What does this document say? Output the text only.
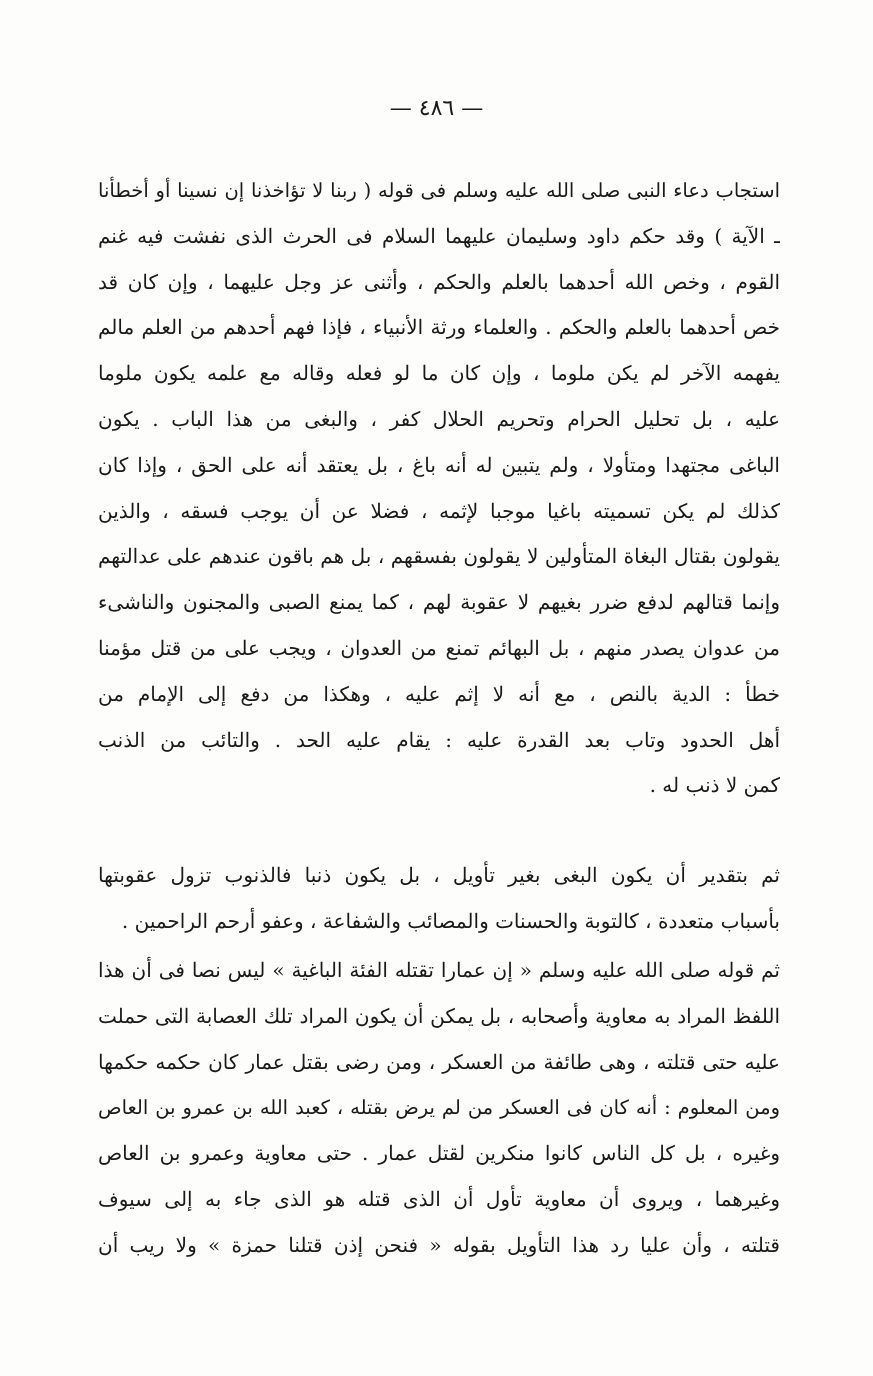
— ٤٨٦ —
استجاب دعاء النبى صلى الله عليه وسلم فى قوله ( ربنا لا تؤاخذنا إن نسينا أو أخطأنا
ـ الآية ) وقد حكم داود وسليمان عليهما السلام فى الحرث الذى نفشت فيه غنم
القوم ، وخص الله أحدهما بالعلم والحكم ، وأثنى عز وجل عليهما ، وإن كان قد
خص أحدهما بالعلم والحكم . والعلماء ورثة الأنبياء ، فإذا فهم أحدهم من العلم مالم
يفهمه الآخر لم يكن ملوما ، وإن كان ما لو فعله وقاله مع علمه يكون ملوما
عليه ، بل تحليل الحرام وتحريم الحلال كفر ، والبغى من هذا الباب . يكون
الباغى مجتهدا ومتأولا ، ولم يتبين له أنه باغ ، بل يعتقد أنه على الحق ، وإذا كان
كذلك لم يكن تسميته باغيا موجبا لإثمه ، فضلا عن أن يوجب فسقه ، والذين
يقولون بقتال البغاة المتأولين لا يقولون بفسقهم ، بل هم باقون عندهم على عدالتهم
وإنما قتالهم لدفع ضرر بغيهم لا عقوبة لهم ، كما يمنع الصبى والمجنون والناشىء
من عدوان يصدر منهم ، بل البهائم تمنع من العدوان ، ويجب على من قتل مؤمنا
خطأ : الدية بالنص ، مع أنه لا إثم عليه ، وهكذا من دفع إلى الإمام من
أهل الحدود وتاب بعد القدرة عليه : يقام عليه الحد . والتائب من الذنب
كمن لا ذنب له .
ثم بتقدير أن يكون البغى بغير تأويل ، بل يكون ذنبا فالذنوب تزول عقوبتها
بأسباب متعددة ، كالتوبة والحسنات والمصائب والشفاعة ، وعفو أرحم الراحمين .
ثم قوله صلى الله عليه وسلم « إن عمارا تقتله الفئة الباغية » ليس نصا فى أن هذا
اللفظ المراد به معاوية وأصحابه ، بل يمكن أن يكون المراد تلك العصابة التى حملت
عليه حتى قتلته ، وهى طائفة من العسكر ، ومن رضى بقتل عمار كان حكمه حكمها
ومن المعلوم : أنه كان فى العسكر من لم يرض بقتله ، كعبد الله بن عمرو بن العاص
وغيره ، بل كل الناس كانوا منكرين لقتل عمار . حتى معاوية وعمرو بن العاص
وغيرهما ، ويروى أن معاوية تأول أن الذى قتله هو الذى جاء به إلى سيوف
قتلته ، وأن عليا رد هذا التأويل بقوله « فنحن إذن قتلنا حمزة » ولا ريب أن
